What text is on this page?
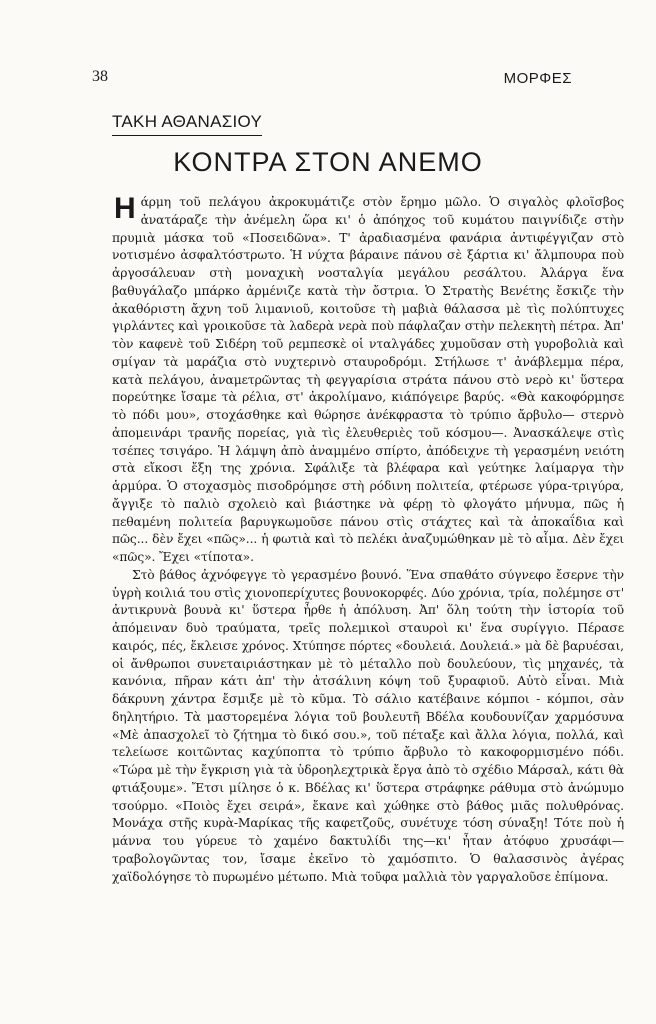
38	ΜΟΡΦΕΣ
ΤΑΚΗ ΑΘΑΝΑΣΙΟΥ
ΚΟΝΤΡΑ ΣΤΟΝ ΑΝΕΜΟ

Ηάρμη τοῦ πελάγου ἀκροκυμάτιζε στὸν ἔρημο μῶλο. Ὁ σιγαλὸς φλοῖσβος ἀνατάραζε τὴν ἀνέμελη ὥρα κι' ὁ ἀπόηχος τοῦ κυμάτου παιγνίδιζε στὴν πρυμιὰ μάσκα τοῦ «Ποσειδῶνα». Τ' ἀραδιασμένα φανάρια ἀντιφέγγιζαν στὸ νοτισμένο ἀσφαλτόστρωτο. Ἡ νύχτα βάραινε πάνου σὲ ξάρτια κι' ἄλμπουρα ποὺ ἀργοσάλευαν στὴ μοναχικὴ νοσταλγία μεγάλου ρεσάλτου. Ἀλάργα ἕνα βαθυγάλαζο μπάρκο ἀρμένιζε κατὰ τὴν ὄστρια. Ὁ Στρατὴς Βενέτης ἔσκιζε τὴν ἀκαθόριστη ἄχνη τοῦ λιμανιοῦ, κοιτοῦσε τὴ μαβιὰ θάλασσα μὲ τὶς πολύπτυχες γιρλάντες καὶ γροικοῦσε τὰ λαδερὰ νερὰ ποὺ πάφλαζαν στὴν πελεκητὴ πέτρα. Ἀπ' τὸν καφενὲ τοῦ Σιδέρη τοῦ ρεμπεσκὲ οἱ νταλγάδες χυμοῦσαν στὴ γυροβολιὰ καὶ σμίγαν τὰ μαράζια στὸ νυχτερινὸ σταυροδρόμι. Στήλωσε τ' ἀνάβλεμμα πέρα, κατὰ πελάγου, ἀναμετρῶντας τὴ φεγγαρίσια στράτα πάνου στὸ νερὸ κι' ὕστερα πορεύτηκε ἴσαμε τὰ ρέλια, στ' ἀκρολίμανο, κιάπόγειρε βαρύς. «Θὰ κακοφόρμησε τὸ πόδι μου», στοχάσθηκε καὶ θώρησε ἀνέκφραστα τὸ τρύπιο ἄρβυλο— στερνὸ ἀπομεινάρι τρανῆς πορείας, γιὰ τὶς ἐλευθεριὲς τοῦ κόσμου—. Ἀνασκάλεψε στὶς τσέπες τσιγάρο. Ἡ λάμψη ἀπὸ ἀναμμένο σπίρτο, ἀπόδειχνε τὴ γερασμένη νειότη στὰ εἴκοσι ἔξη της χρόνια. Σφάλιξε τὰ βλέφαρα καὶ γεύτηκε λαίμαργα τὴν ἁρμύρα. Ὁ στοχασμὸς πισοδρόμησε στὴ ρόδινη πολιτεία, φτέρωσε γύρα-τριγύρα, ἄγγιξε τὸ παλιὸ σχολειὸ καὶ βιάστηκε νὰ φέρῃ τὸ φλογάτο μήνυμα, πῶς ἡ πεθαμένη πολιτεία βαρυγκωμοῦσε πάνου στὶς στάχτες καὶ τὰ ἀποκαΐδια καὶ πῶς... δὲν ἔχει «πῶς»... ἡ φωτιὰ καὶ τὸ πελέκι ἀναζυμώθηκαν μὲ τὸ αἷμα. Δὲν ἔχει «πῶς». Ἔχει «τίποτα».

Στὸ βάθος ἀχνόφεγγε τὸ γερασμένο βουνό. Ἕνα σπαθάτο σύγνεφο ἔσερνε τὴν ὑγρὴ κοιλιά του στὶς χιονοπερίχυτες βουνοκορφές. Δύο χρόνια, τρία, πολέμησε στ' ἀντικρυνὰ βουνὰ κι' ὕστερα ἦρθε ἡ ἀπόλυση. Ἀπ' ὅλη τούτη τὴν ἱστορία τοῦ ἀπόμειναν δυὸ τραύματα, τρεῖς πολεμικοὶ σταυροὶ κι' ἕνα συρίγγιο. Πέρασε καιρός, πές, ἔκλεισε χρόνος. Χτύπησε πόρτες «δουλειά. Δουλειά.» μὰ δὲ βαρυέσαι, οἱ ἄνθρωποι συνεταιριάστηκαν μὲ τὸ μέταλλο ποὺ δουλεύουν, τὶς μηχανές, τὰ κανόνια, πῆραν κάτι ἀπ' τὴν ἀτσάλινη κόψη τοῦ ξυραφιοῦ. Αὐτὸ εἶναι. Μιὰ δάκρυνη χάντρα ἔσμιξε μὲ τὸ κῦμα. Τὸ σάλιο κατέβαινε κόμποι - κόμποι, σὰν δηλητήριο. Τὰ μαστορεμένα λόγια τοῦ βουλευτῆ Βδέλα κουδουνίζαν χαρμόσυνα «Μὲ ἀπασχολεῖ τὸ ζήτημα τὸ δικό σου.», τοῦ πέταξε καὶ ἄλλα λόγια, πολλά, καὶ τελείωσε κοιτῶντας καχύποπτα τὸ τρύπιο ἄρβυλο τὸ κακοφορμισμένο πόδι. «Τώρα μὲ τὴν ἔγκριση γιὰ τὰ ὑδροηλεχτρικὰ ἔργα ἀπὸ τὸ σχέδιο Μάρσαλ, κάτι θὰ φτιάξουμε». Ἔτσι μίλησε ὁ κ. Βδέλας κι' ὕστερα στράφηκε ράθυμα στὸ ἀνώμυμο τσούρμο. «Ποιὸς ἔχει σειρά», ἔκανε καὶ χώθηκε στὸ βάθος μιᾶς πολυθρόνας. Μονάχα στῆς κυρὰ-Μαρίκας τῆς καφετζοῦς, συνέτυχε τόση σύναξη! Τότε ποὺ ἡ μάννα του γύρευε τὸ χαμένο δακτυλίδι της—κι' ἦταν ἀτόφυο χρυσάφι—τραβολογῶντας τον, ἴσαμε ἐκεῖνο τὸ χαμόσπιτο. Ὁ θαλασσινὸς ἀγέρας χαϊδολόγησε τὸ πυρωμένο μέτωπο. Μιὰ τοῦφα μαλλιὰ τὸν γαργαλοῦσε ἐπίμονα.
